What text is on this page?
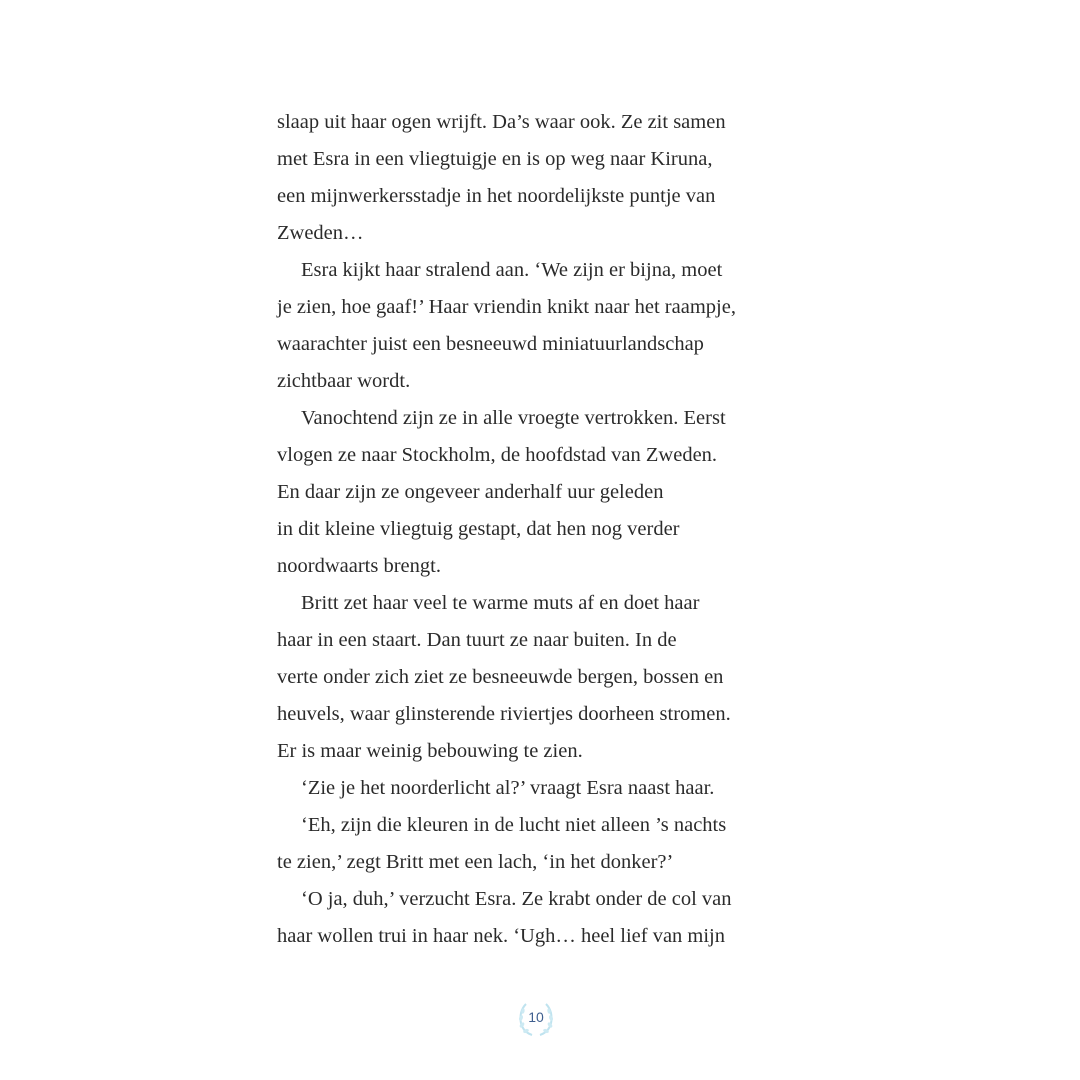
slaap uit haar ogen wrijft. Da’s waar ook. Ze zit samen
met Esra in een vliegtuigje en is op weg naar Kiruna,
een mijnwerkersstadje in het noordelijkste puntje van
Zweden…
Esra kijkt haar stralend aan. ‘We zijn er bijna, moet
je zien, hoe gaaf!’ Haar vriendin knikt naar het raampje,
waarachter juist een besneeuwd miniatuurlandschap
zichtbaar wordt.
Vanochtend zijn ze in alle vroegte vertrokken. Eerst
vlogen ze naar Stockholm, de hoofdstad van Zweden.
En daar zijn ze ongeveer anderhalf uur geleden
in dit kleine vliegtuig gestapt, dat hen nog verder
noordwaarts brengt.
Britt zet haar veel te warme muts af en doet haar
haar in een staart. Dan tuurt ze naar buiten. In de
verte onder zich ziet ze besneeuwde bergen, bossen en
heuvels, waar glinsterende riviertjes doorheen stromen.
Er is maar weinig bebouwing te zien.
‘Zie je het noorderlicht al?’ vraagt Esra naast haar.
‘Eh, zijn die kleuren in de lucht niet alleen ’s nachts
te zien,’ zegt Britt met een lach, ‘in het donker?’
‘O ja, duh,’ verzucht Esra. Ze krabt onder de col van
haar wollen trui in haar nek. ‘Ugh… heel lief van mijn
10
